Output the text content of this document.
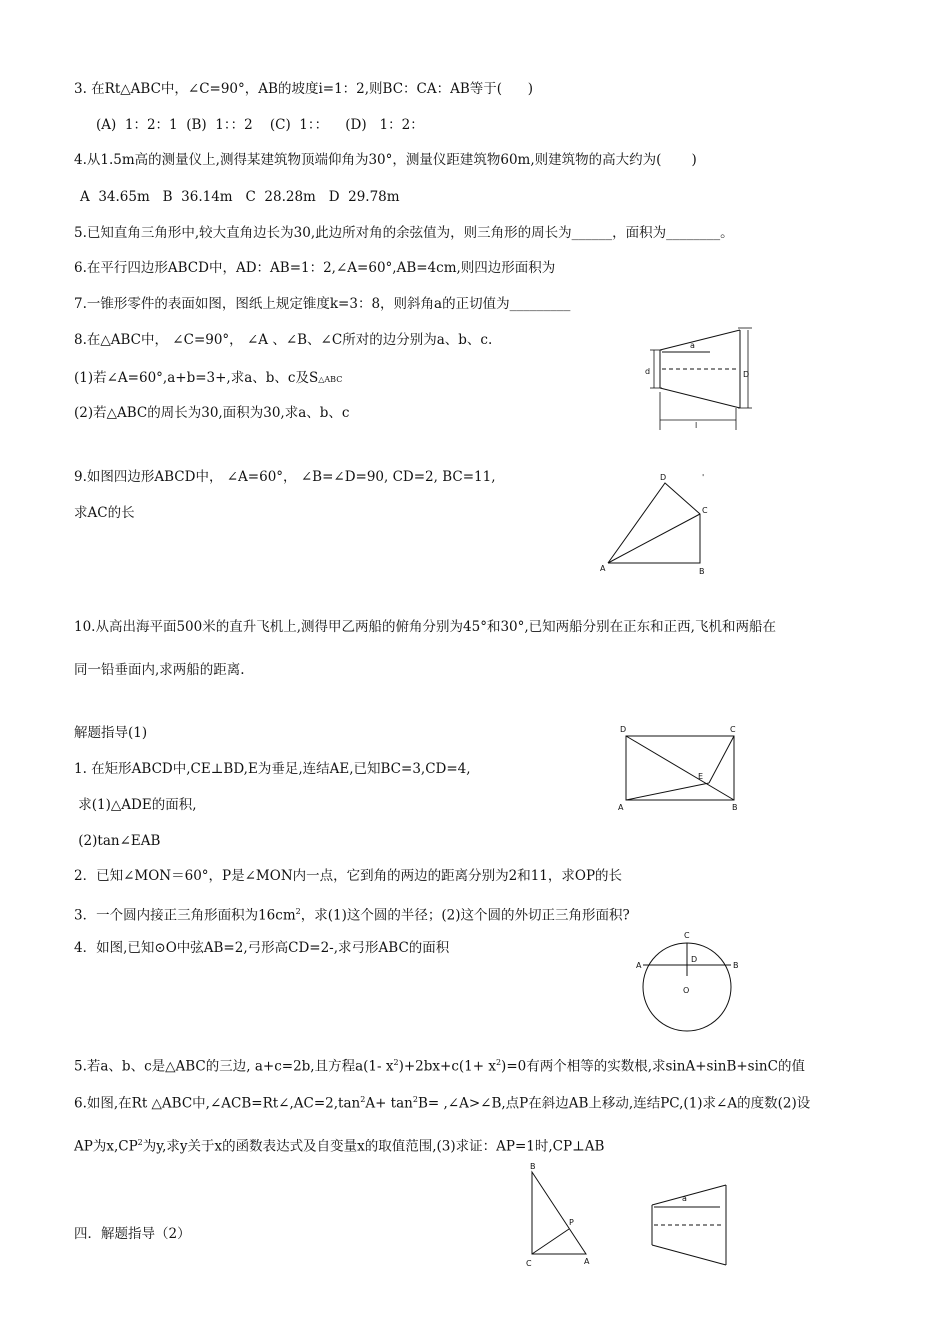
3. 在Rt△ABC中，∠C=90°，AB的坡度i=1：2,则BC：CA：AB等于(      )
(A)  1：2：1  (B)  1：：2    (C)  1：：    (D)   1：2：
4.从1.5m高的测量仪上,测得某建筑物顶端仰角为30°，测量仪距建筑物60m,则建筑物的高大约为(       )
A  34.65m   B  36.14m   C  28.28m   D  29.78m
5.已知直角三角形中,较大直角边长为30,此边所对角的余弦值为，则三角形的周长为______，面积为________。
6.在平行四边形ABCD中，AD：AB=1：2,∠A=60°,AB=4cm,则四边形面积为
7.一锥形零件的表面如图，图纸上规定锥度k=3：8，则斜角a的正切值为_________
8.在△ABC中， ∠C=90°， ∠A 、∠B、∠C所对的边分别为a、b、c.
(1)若∠A=60°,a+b=3+,求a、b、c及S△ABC
(2)若△ABC的周长为30,面积为30,求a、b、c
9.如图四边形ABCD中， ∠A=60°， ∠B=∠D=90, CD=2, BC=11,
求AC的长
10.从高出海平面500米的直升飞机上,测得甲乙两船的俯角分别为45°和30°,已知两船分别在正东和正西,飞机和两船在
同一铅垂面内,求两船的距离.
解题指导(1)
1. 在矩形ABCD中,CE⊥BD,E为垂足,连结AE,已知BC=3,CD=4,
求(1)△ADE的面积,
(2)tan∠EAB
2．已知∠MON＝60°，P是∠MON内一点，它到角的两边的距离分别为2和11，求OP的长
3．一个圆内接正三角形面积为$16cm^2$，求(1)这个圆的半径；(2)这个圆的外切正三角形面积?
4．如图,已知⊙O中弦AB=2,弓形高CD=2-,求弓形ABC的面积
5.若a、b、c是△ABC的三边, a+c=2b,且方程a(1- $x^2)+2bx+c(1+ x^2)=0$有两个相等的实数根,求sinA+sinB+sinC的值
6.如图,在Rt △ABC中$,\angle ACB=Rt\angle,AC=2,\tan^2A+ \tan^2B=$ ,∠A>∠B,点P在斜边AB上移动,连结PC,(1)求∠A的度数(2)设
AP为$x,CP^2$为y,求y关于x的函数表达式及自变量x的取值范围,(3)求证：AP=1时,CP⊥AB
四．解题指导（2）
a
d	D
l
D
C
A	B
'
D	C
E
A	B
C
A
D
B
O
B
P
C	A
a
